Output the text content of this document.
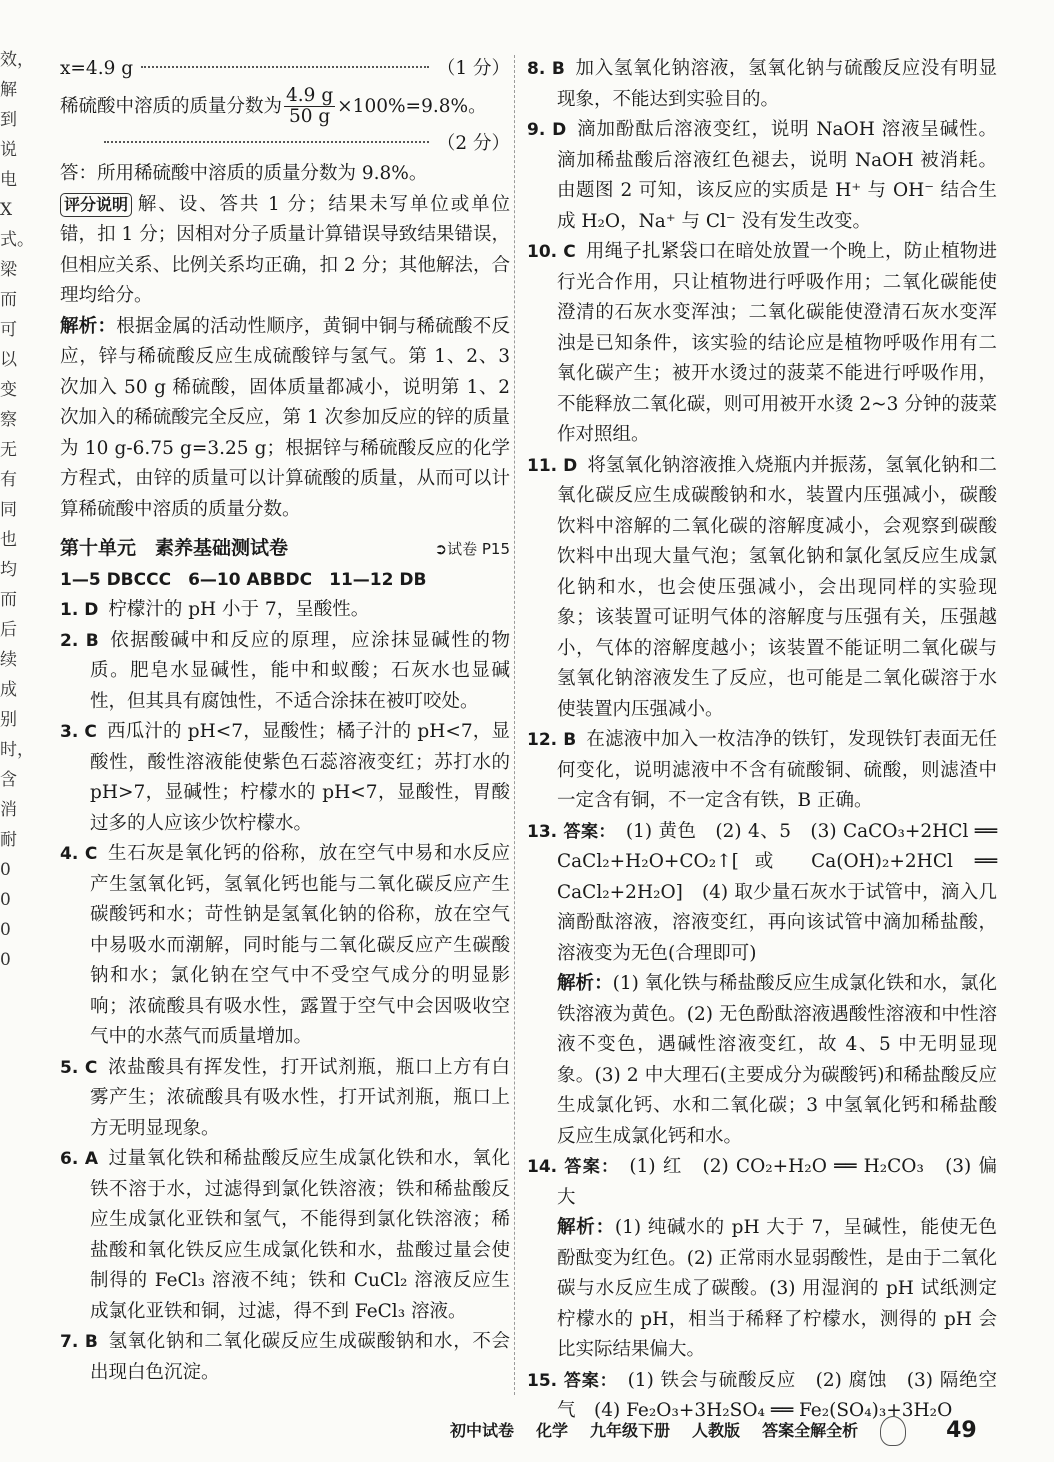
效，解到说 电 X式。 梁而可以变察无有同也均而后续成别时，含 消耐00 00
x=4.9 g	（1 分）

稀硫酸中溶质的质量分数为 $\frac{4.9 g}{50 g} \times 100\%=9.8\%$。

（2 分）

答：所用稀硫酸中溶质的质量分数为 9.8%。

评分说明 解、设、答共 1 分；结果未写单位或单位错，扣 1 分；因相对分子质量计算错误导致结果错误，但相应关系、比例关系均正确，扣 2 分；其他解法，合理均给分。

解析：根据金属的活动性顺序，黄铜中铜与稀硫酸不反应，锌与稀硫酸反应生成硫酸锌与氢气。第 1、2、3 次加入 50 g 稀硫酸，固体质量都减小，说明第 1、2 次加入的稀硫酸完全反应，第 1 次参加反应的锌的质量为 10 g-6.75 g=3.25 g；根据锌与稀硫酸反应的化学方程式，由锌的质量可以计算硫酸的质量，从而可以计算稀硫酸中溶质的质量分数。

第十单元　素养基础测试卷	➲试卷 P15

1—5 DBCCC　6—10 ABBDC　11—12 DB

1. D 柠檬汁的 pH 小于 7，呈酸性。

2. B 依据酸碱中和反应的原理，应涂抹显碱性的物质。肥皂水显碱性，能中和蚁酸；石灰水也显碱性，但其具有腐蚀性，不适合涂抹在被叮咬处。

3. C 西瓜汁的 pH<7，显酸性；橘子汁的 pH<7，显酸性，酸性溶液能使紫色石蕊溶液变红；苏打水的 pH>7，显碱性；柠檬水的 pH<7，显酸性，胃酸过多的人应该少饮柠檬水。

4. C 生石灰是氧化钙的俗称，放在空气中易和水反应产生氢氧化钙，氢氧化钙也能与二氧化碳反应产生碳酸钙和水；苛性钠是氢氧化钠的俗称，放在空气中易吸水而潮解，同时能与二氧化碳反应产生碳酸钠和水；氯化钠在空气中不受空气成分的明显影响；浓硫酸具有吸水性，露置于空气中会因吸收空气中的水蒸气而质量增加。

5. C 浓盐酸具有挥发性，打开试剂瓶，瓶口上方有白雾产生；浓硫酸具有吸水性，打开试剂瓶，瓶口上方无明显现象。

6. A 过量氧化铁和稀盐酸反应生成氯化铁和水，氧化铁不溶于水，过滤得到氯化铁溶液；铁和稀盐酸反应生成氯化亚铁和氢气，不能得到氯化铁溶液；稀盐酸和氧化铁反应生成氯化铁和水，盐酸过量会使制得的 FeCl₃ 溶液不纯；铁和 CuCl₂ 溶液反应生成氯化亚铁和铜，过滤，得不到 FeCl₃ 溶液。

7. B 氢氧化钠和二氧化碳反应生成碳酸钠和水，不会出现白色沉淀。

8. B 加入氢氧化钠溶液，氢氧化钠与硫酸反应没有明显现象，不能达到实验目的。

9. D 滴加酚酞后溶液变红，说明 NaOH 溶液呈碱性。滴加稀盐酸后溶液红色褪去，说明 NaOH 被消耗。由题图 2 可知，该反应的实质是 H⁺ 与 OH⁻ 结合生成 H₂O，Na⁺ 与 Cl⁻ 没有发生改变。

10. C 用绳子扎紧袋口在暗处放置一个晚上，防止植物进行光合作用，只让植物进行呼吸作用；二氧化碳能使澄清的石灰水变浑浊；二氧化碳能使澄清石灰水变浑浊是已知条件，该实验的结论应是植物呼吸作用有二氧化碳产生；被开水烫过的菠菜不能进行呼吸作用，不能释放二氧化碳，则可用被开水烫 2~3 分钟的菠菜作对照组。

11. D 将氢氧化钠溶液推入烧瓶内并振荡，氢氧化钠和二氧化碳反应生成碳酸钠和水，装置内压强减小，碳酸饮料中溶解的二氧化碳的溶解度减小，会观察到碳酸饮料中出现大量气泡；氢氧化钠和氯化氢反应生成氯化钠和水，也会使压强减小，会出现同样的实验现象；该装置可证明气体的溶解度与压强有关，压强越小，气体的溶解度越小；该装置不能证明二氧化碳与氢氧化钠溶液发生了反应，也可能是二氧化碳溶于水使装置内压强减小。

12. B 在滤液中加入一枚洁净的铁钉，发现铁钉表面无任何变化，说明滤液中不含有硫酸铜、硫酸，则滤渣中一定含有铜，不一定含有铁，B 正确。

13. 答案： (1) 黄色　(2) 4、5　(3) CaCO₃+2HCl ══ CaCl₂+H₂O+CO₂↑[或 Ca(OH)₂+2HCl ══ CaCl₂+2H₂O]　(4) 取少量石灰水于试管中，滴入几滴酚酞溶液，溶液变红，再向该试管中滴加稀盐酸，溶液变为无色(合理即可)

解析：(1) 氧化铁与稀盐酸反应生成氯化铁和水，氯化铁溶液为黄色。(2) 无色酚酞溶液遇酸性溶液和中性溶液不变色，遇碱性溶液变红，故 4、5 中无明显现象。(3) 2 中大理石(主要成分为碳酸钙)和稀盐酸反应生成氯化钙、水和二氧化碳；3 中氢氧化钙和稀盐酸反应生成氯化钙和水。

14. 答案： (1) 红　(2) CO₂+H₂O ══ H₂CO₃　(3) 偏大

解析：(1) 纯碱水的 pH 大于 7，呈碱性，能使无色酚酞变为红色。(2) 正常雨水显弱酸性，是由于二氧化碳与水反应生成了碳酸。(3) 用湿润的 pH 试纸测定柠檬水的 pH，相当于稀释了柠檬水，测得的 pH 会比实际结果偏大。

15. 答案： (1) 铁会与硫酸反应　(2) 腐蚀　(3) 隔绝空气　(4) Fe₂O₃+3H₂SO₄ ══ Fe₂(SO₄)₃+3H₂O

初中试卷 化学 九年级下册 人教版 答案全解全析	49
